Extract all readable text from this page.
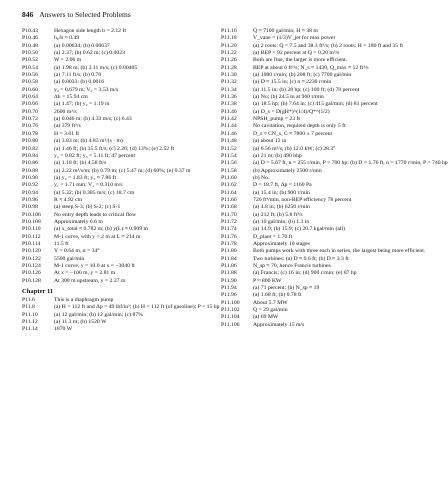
846 Answers to Selected Problems
P10.43	Hexagon side length b = 2.12 ft
P10.46	h₀/b ≈ 0.49
P10.48	(a) 0.00634; (b) 0.00637
P10.50	(a) 2.37; (b) 0.62 m; (c) 0.0023
P10.52	W = 2.06 m
P10.54	(a) 1.98 m; (b) 3.11 m/s; (c) 0.00405
P10.56	(a) 7.11 ft/s; (b) 0.70
P10.58	(a) 0.0033; (b) 0.0016
P10.60	y₂ = 0.679 m; V₂ = 3.53 m/s
P10.64	Δh = 15.94 cm
P10.66	(a) 1.47; (b) y₂ = 1.19 m
P10.70	2600 m³/s
P10.72	(a) 0.046 m; (b) 4.33 m/s; (c) 6.43
P10.76	(a) 379 ft³/s
P10.78	H = 3.01 ft
P10.80	(a) 3.83 m; (b) 4.83 m³/(s · m)
P10.82	(a) 1.46 ft; (b) 15.5 ft/s; (c) 2.26; (d) 13%; (e) 2.52 ft
P10.84	y₂ = 0.82 ft; y₃ = 5.11 ft; 47 percent
P10.86	(a) 1.18 ft; (b) 4.58 ft/s
P10.88	(a) 2.22 m³/s/m; (b) 0.79 m; (c) 5.47 m; (d) 60%; (e) 0.37 m
P10.90	(a) y₂ = 1.83 ft; y₃ ≈ 7.86 ft
P10.92	y₁ = 1.71 mm; V₁ = 0.310 m/s
P10.94	(a) 5.32; (b) 0.385 m/s; (c) 18.7 cm
P10.96	R ≈ 4.92 cm
P10.98	(a) steep S-3; (b) S-2; (c) S-1
P10.106	No entry depth leads to critical flow
P10.108	Approximately 6.6 m
P10.110	(a) x_total ≈ 0.782 m; (b) y(L) ≈ 0.909 m
P10.112	M-1 curve, with y = 2 m at L ≈ 214 m
P10.114	11.5 ft
P10.120	Y = 0.64 m, α = 34°
P10.122	5500 gal/min
P10.124	M-1 curve, y = 10.0 at x = −3040 ft
P10.126	At x = −100 m, y = 2.81 m
P10.128	At 300 m upstream, y = 2.37 m
Chapter 11
P11.6	This is a diaphragm pump
P11.8	(a) H = 112 ft and Δp = 49 lbf/in²; (b) H = 112 ft (of gasoline); P = 15 hp
P11.10	(a) 12 gal/min; (b) 12 gal/min; (c) 87%
P11.12	(a) 11.3 m; (b) 1520 W
P11.14	1870 W
P11.16	Q ≈ 7100 gal/min; H ≈ 38 m
P11.18	V_vane = (1/3)V_jet for max power
P11.20	(a) 2 roots: Q = 7.5 and 38.3 ft³/s; (b) 2 roots: H = 180 ft and 35 ft
P11.22	(a) BEP = 92 percent at Q = 0.20 m³/s
P11.26	Both are fine, the larger is more efficient.
P11.28	BEP at about 6 ft³/s; N_s ≈ 1430, Q_max ≈ 12 ft³/s
P11.30	(a) 1080 r/min; (b) 208 ft; (c) 7700 gal/min
P11.32	(a) D ≈ 15.5 in; (c) n ≈ 2230 r/min
P11.34	(a) 11.5 in; (b) 28 hp; (c) 100 ft; (d) 78 percent
P11.36	(a) No; (b) 24.5 in at 960 r/min
P11.38	(a) 18.5 hp; (b) 7.64 in; (c) 415 gal/min; (d) 81 percent
P11.40	(a) D_s = D(gH*)^(1/4)/Q*^(1/2)
P11.42	NPSH_pump = 23 ft
P11.44	No cavitation, required depth is only 5 ft
P11.46	D_s ≈ CN_s, C ≈ 7800 ± 7 percent
P11.48	(a) about 12 in
P11.52	(a) 6.56 m³/s; (b) 12.0 kW; (c) 28.3°
P11.54	(a) 21 m; (b) 490 bhp
P11.56	(a) D = 5.67 ft, n = 255 r/min, P = 700 hp; (b) D = 1.76 ft, n = 1770 r/min, P = 740 hp
P11.58	(b) Approximately 2500 r/min
P11.60	(b) No.
P11.62	D = 18.7 ft, Δp = 1160 Pa
P11.64	(a) 15.4 in; (b) 900 r/min
P11.66	720 ft³/min, non-BEP efficiency 78 percent
P11.68	(a) 4.8 in; (b) 6250 r/min
P11.70	(a) 212 ft; (b) 5.8 ft³/s
P11.72	(a) 10 gal/min; (b) 1.3 in
P11.74	(a) 14.9; (b) 15.9; (c) 20.7 kgal/min (all)
P11.76	D_plant = 1.70 ft
P11.78	Approximately 10 stages
P11.80	Both pumps work with three each in series, the largest being more efficient.
P11.84	Two turbines: (a) D ≈ 9.6 ft; (b) D ≈ 3.3 ft
P11.86	N_sp ≈ 70, hence Francis turbines
P11.88	(a) Francis; (c) 16 in; (d) 900 r/min; (e) 87 hp
P11.90	P ≈ 800 KW
P11.94	(a) 71 percent; (b) N_sp ≈ 19
P11.96	(a) 1.68 ft; (b) 0.78 ft
P11.100	About 5.7 MW
P11.102	Q = 29 gal/min
P11.104	(a) 69 MW
P11.106	Approximately 15 m/s
